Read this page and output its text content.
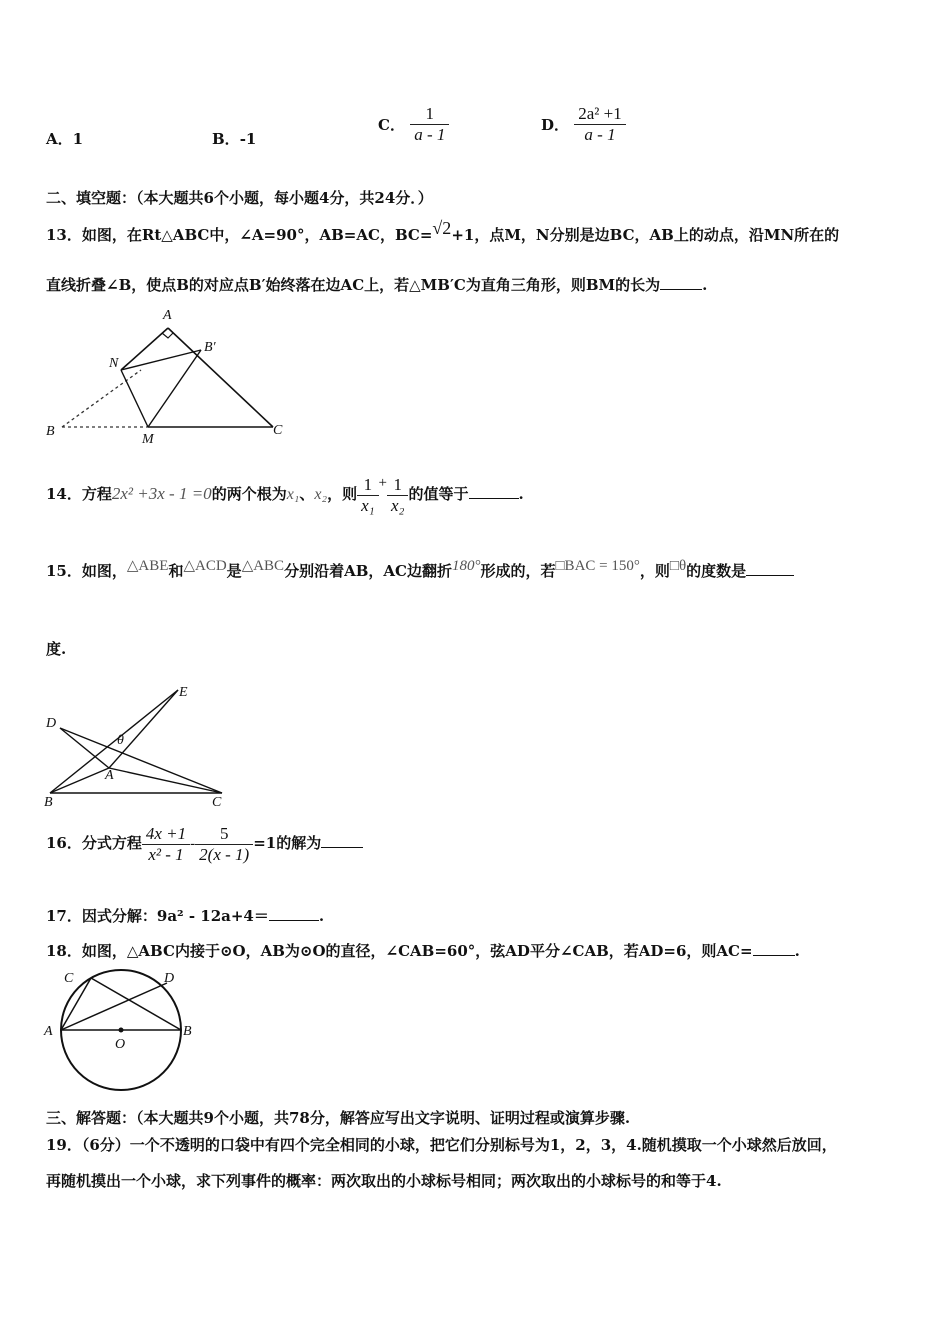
A．1	B．-1
C． $\frac{1}{a - 1}$	D． $\frac{\text{2a² +1}}{a - 1}$
二、填空题：（本大题共6个小题，每小题4分，共24分．）
13．如图，在Rt△ABC中，∠A=90°，AB=AC，BC=√2+1，点M，N分别是边BC，AB上的动点，沿MN所在的
直线折叠∠B，使点B的对应点B′始终落在边AC上，若△MB′C为直角三角形，则BM的长为	.
A
B′
N
B
M
C
14．方程2x² +3x - 1 =0的两个根为x₁、x₂，则 $\frac{1}{\text{x₁}} + \frac{1}{\text{x₂}}$ 的值等于	.
15．如图，△ABE和△ACD是△ABC分别沿着AB，AC边翻折180°形成的，若□BAC = 150°，则□θ的度数是
度.
D
E
θ
A
B	C
16．分式方程 $\frac{4x +1}{\text{x² - 1}} - \frac{5}{2(x - 1)} =1$的解为
17．因式分解：9a² - 12a+4＝	.
18．如图，△ABC内接于⊙O，AB为⊙O的直径，∠CAB=60°，弦AD平分∠CAB，若AD=6，则AC=	.
C	D
A
O
B
三、解答题：（本大题共9个小题，共78分，解答应写出文字说明、证明过程或演算步骤.
19．（6分）一个不透明的口袋中有四个完全相同的小球，把它们分别标号为1，2，3，4.随机摸取一个小球然后放回，
再随机摸出一个小球，求下列事件的概率：两次取出的小球标号相同；两次取出的小球标号的和等于4.
